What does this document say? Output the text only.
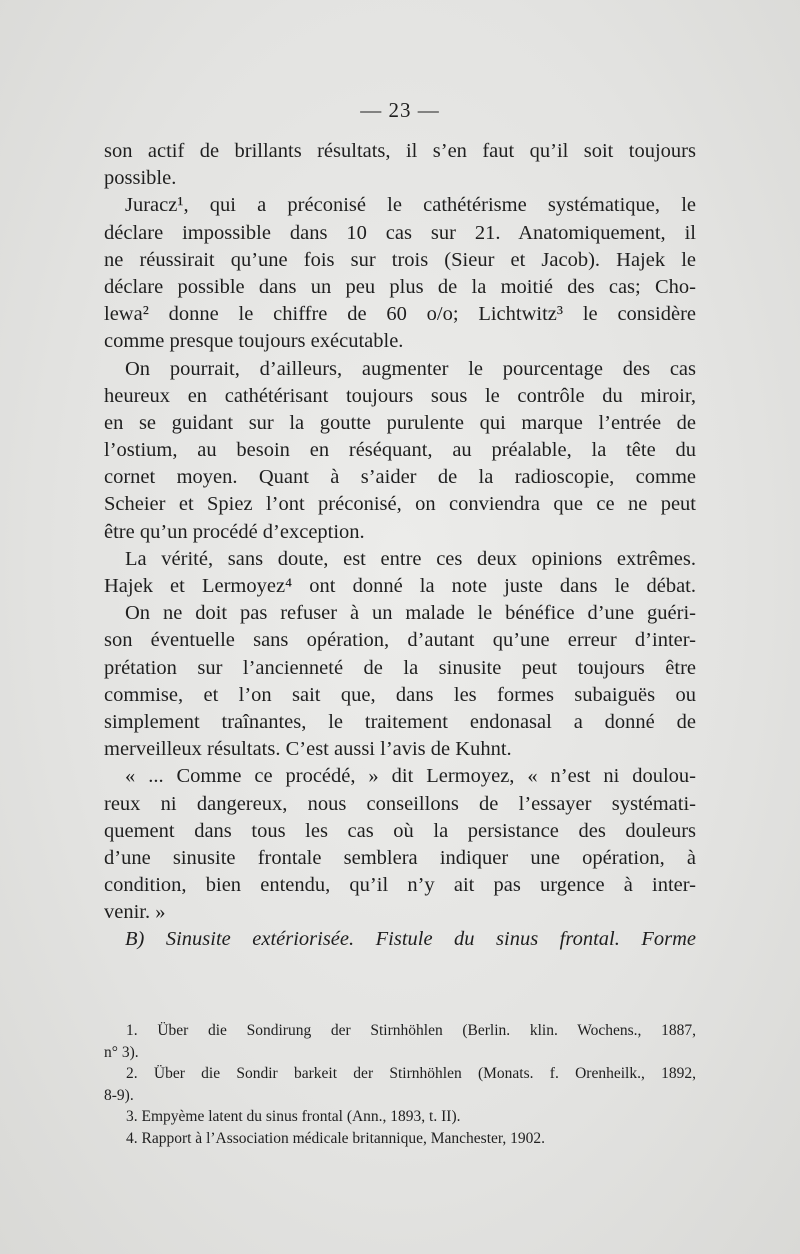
— 23 —
son actif de brillants résultats, il s’en faut qu’il soit toujours
possible.
Juracz¹, qui a préconisé le cathétérisme systématique, le
déclare impossible dans 10 cas sur 21. Anatomiquement, il
ne réussirait qu’une fois sur trois (Sieur et Jacob). Hajek le
déclare possible dans un peu plus de la moitié des cas; Cho-
lewa² donne le chiffre de 60 o/o; Lichtwitz³ le considère
comme presque toujours exécutable.
On pourrait, d’ailleurs, augmenter le pourcentage des cas
heureux en cathétérisant toujours sous le contrôle du miroir,
en se guidant sur la goutte purulente qui marque l’entrée de
l’ostium, au besoin en réséquant, au préalable, la tête du
cornet moyen. Quant à s’aider de la radioscopie, comme
Scheier et Spiez l’ont préconisé, on conviendra que ce ne peut
être qu’un procédé d’exception.
La vérité, sans doute, est entre ces deux opinions extrêmes.
Hajek et Lermoyez⁴ ont donné la note juste dans le débat.
On ne doit pas refuser à un malade le bénéfice d’une guéri-
son éventuelle sans opération, d’autant qu’une erreur d’inter-
prétation sur l’ancienneté de la sinusite peut toujours être
commise, et l’on sait que, dans les formes subaiguës ou
simplement traînantes, le traitement endonasal a donné de
merveilleux résultats. C’est aussi l’avis de Kuhnt.
« ... Comme ce procédé, » dit Lermoyez, « n’est ni doulou-
reux ni dangereux, nous conseillons de l’essayer systémati-
quement dans tous les cas où la persistance des douleurs
d’une sinusite frontale semblera indiquer une opération, à
condition, bien entendu, qu’il n’y ait pas urgence à inter-
venir. »
B) Sinusite extériorisée. Fistule du sinus frontal. Forme
1. Über die Sondirung der Stirnhöhlen (Berlin. klin. Wochens., 1887,
n° 3).
2. Über die Sondir barkeit der Stirnhöhlen (Monats. f. Orenheilk., 1892,
8-9).
3. Empyème latent du sinus frontal (Ann., 1893, t. II).
4. Rapport à l’Association médicale britannique, Manchester, 1902.
